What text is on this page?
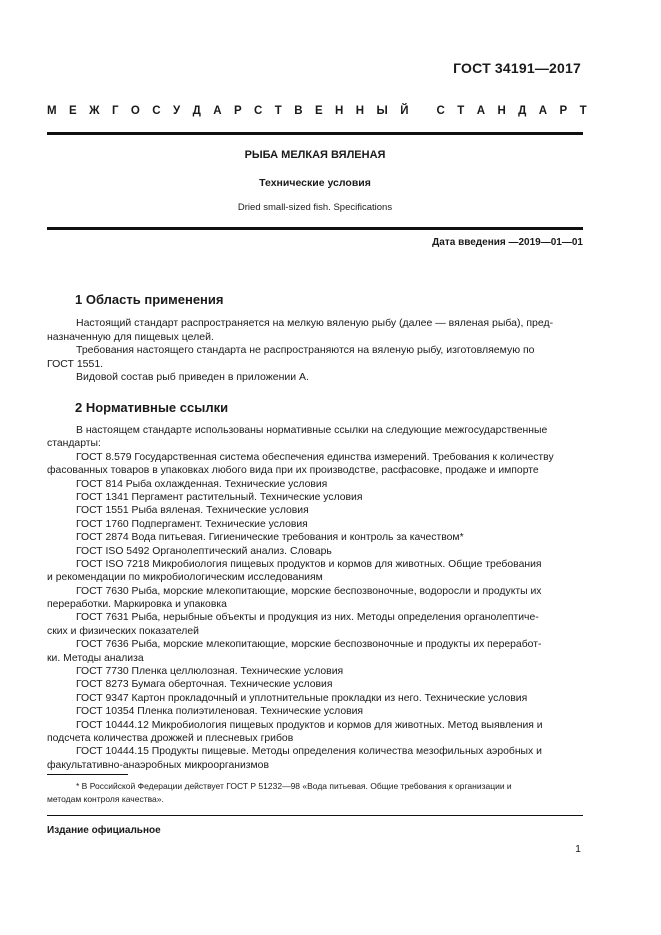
ГОСТ 34191—2017
М Е Ж Г О С У Д А Р С Т В Е Н Н Ы Й
С Т А Н Д А Р Т
РЫБА МЕЛКАЯ ВЯЛЕНАЯ
Технические условия
Dried small-sized fish. Specifications
Дата введения —2019—01—01
1 Область применения
Настоящий стандарт распространяется на мелкую вяленую рыбу (далее — вяленая рыба), пред-
назначенную для пищевых целей.
Требования настоящего стандарта не распространяются на вяленую рыбу, изготовляемую по
ГОСТ 1551.
Видовой состав рыб приведен в приложении А.
2 Нормативные ссылки
В настоящем стандарте использованы нормативные ссылки на следующие межгосударственные
стандарты:
ГОСТ 8.579 Государственная система обеспечения единства измерений. Требования к количеству
фасованных товаров в упаковках любого вида при их производстве, расфасовке, продаже и импорте
ГОСТ 814 Рыба охлажденная. Технические условия
ГОСТ 1341 Пергамент растительный. Технические условия
ГОСТ 1551 Рыба вяленая. Технические условия
ГОСТ 1760 Подпергамент. Технические условия
ГОСТ 2874 Вода питьевая. Гигиенические требования и контроль за качеством*
ГОСТ ISO 5492 Органолептический анализ. Словарь
ГОСТ ISO 7218 Микробиология пищевых продуктов и кормов для животных. Общие требования
и рекомендации по микробиологическим исследованиям
ГОСТ 7630 Рыба, морские млекопитающие, морские беспозвоночные, водоросли и продукты их
переработки. Маркировка и упаковка
ГОСТ 7631 Рыба, нерыбные объекты и продукция из них. Методы определения органолептиче-
ских и физических показателей
ГОСТ 7636 Рыба, морские млекопитающие, морские беспозвоночные и продукты их переработ-
ки. Методы анализа
ГОСТ 7730 Пленка целлюлозная. Технические условия
ГОСТ 8273 Бумага оберточная. Технические условия
ГОСТ 9347 Картон прокладочный и уплотнительные прокладки из него. Технические условия
ГОСТ 10354 Пленка полиэтиленовая. Технические условия
ГОСТ 10444.12 Микробиология пищевых продуктов и кормов для животных. Метод выявления и
подсчета количества дрожжей и плесневых грибов
ГОСТ 10444.15 Продукты пищевые. Методы определения количества мезофильных аэробных и
факультативно-анаэробных микроорганизмов
* В Российской Федерации действует ГОСТ Р 51232—98 «Вода питьевая. Общие требования к организации и
методам контроля качества».
Издание официальное
1
